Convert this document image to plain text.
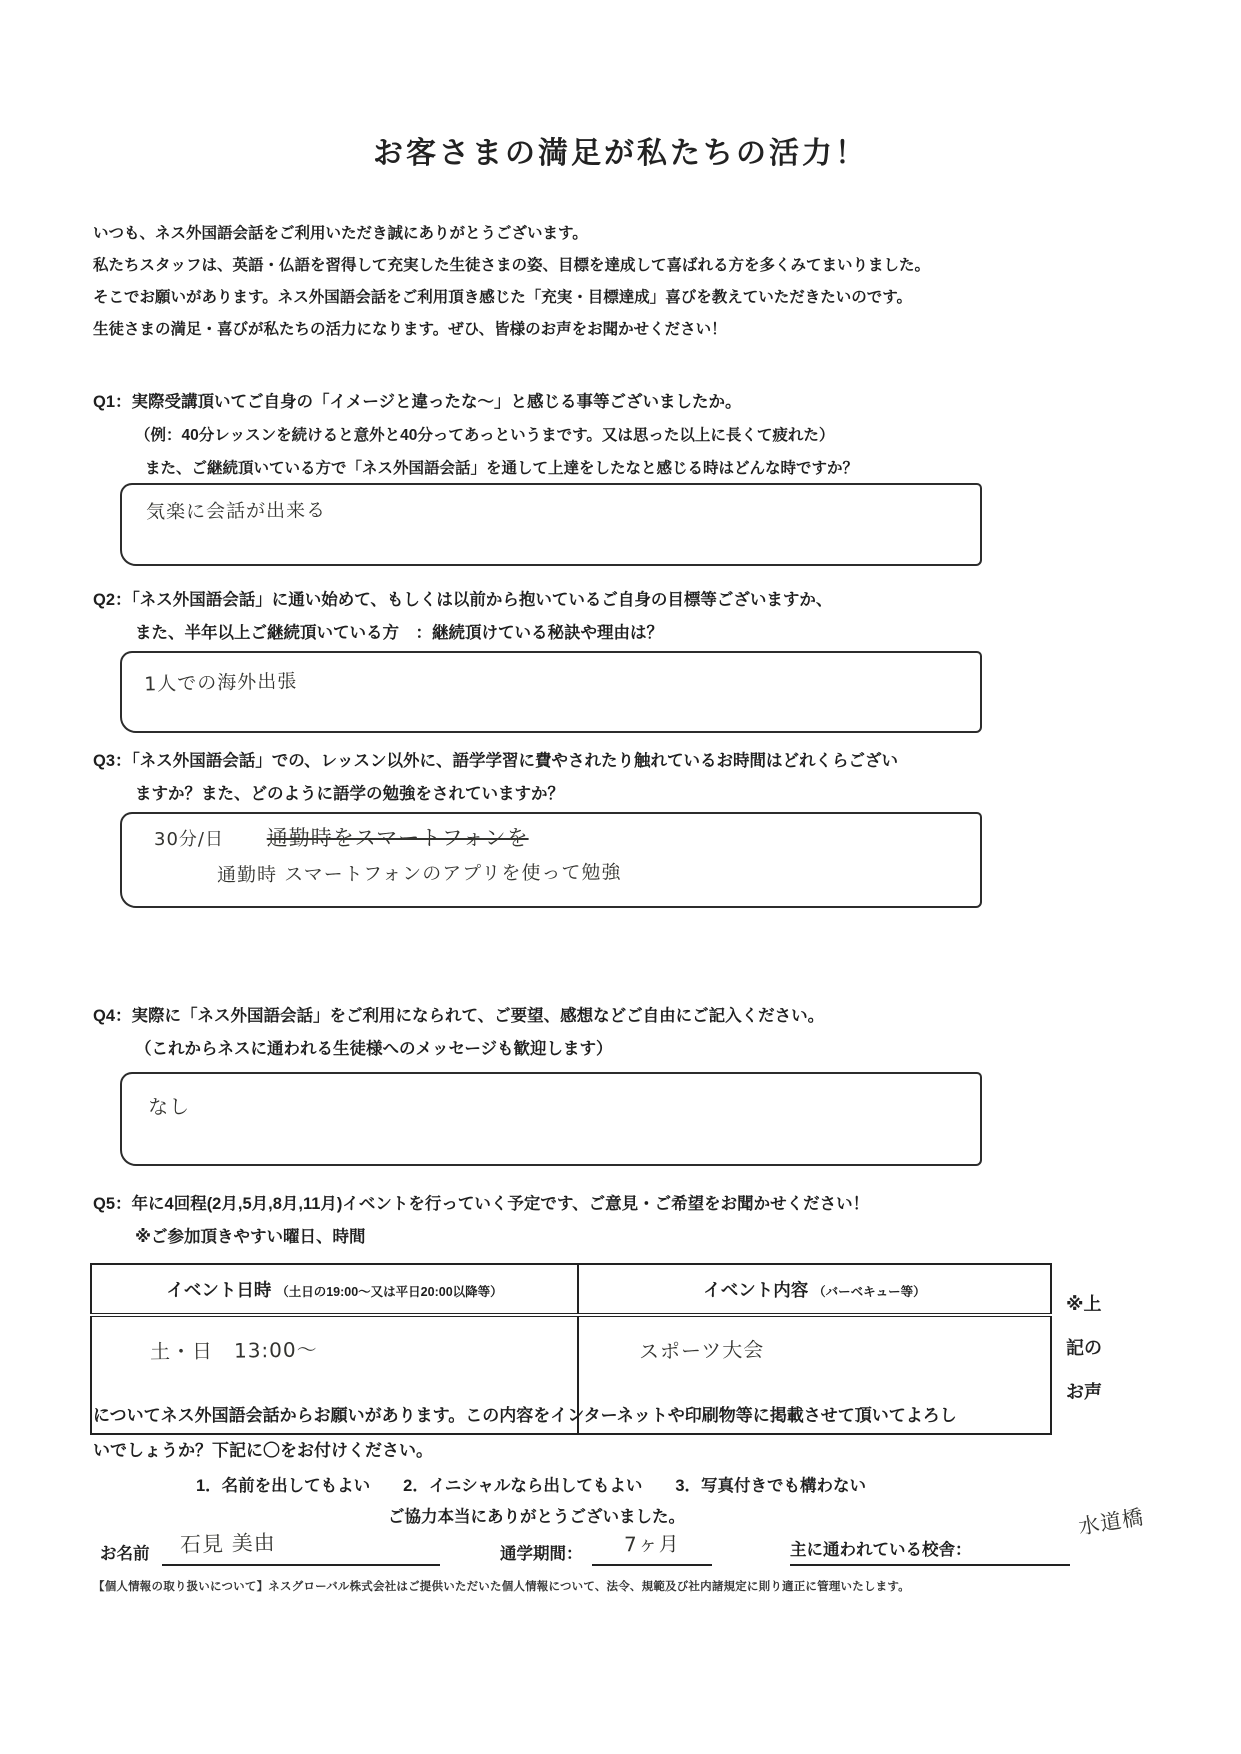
お客さまの満足が私たちの活力！
いつも、ネス外国語会話をご利用いただき誠にありがとうございます。
私たちスタッフは、英語・仏語を習得して充実した生徒さまの姿、目標を達成して喜ばれる方を多くみてまいりました。
そこでお願いがあります。ネス外国語会話をご利用頂き感じた「充実・目標達成」喜びを教えていただきたいのです。
生徒さまの満足・喜びが私たちの活力になります。ぜひ、皆様のお声をお聞かせください！
Q1：実際受講頂いてご自身の「イメージと違ったな～」と感じる事等ございましたか。
（例：40分レッスンを続けると意外と40分ってあっというまです。又は思った以上に長くて疲れた）
また、ご継続頂いている方で「ネス外国語会話」を通して上達をしたなと感じる時はどんな時ですか？
気楽に会話が出来る
Q2：「ネス外国語会話」に通い始めて、もしくは以前から抱いているご自身の目標等ございますか、
また、半年以上ご継続頂いている方　：継続頂けている秘訣や理由は？
1人での海外出張
Q3：「ネス外国語会話」での、レッスン以外に、語学学習に費やされたり触れているお時間はどれくらござい
ますか？また、どのように語学の勉強をされていますか？
30分/日 通勤時をスマートフォンを
通勤時 スマートフォンのアプリを使って勉強
Q4：実際に「ネス外国語会話」をご利用になられて、ご要望、感想などご自由にご記入ください。
（これからネスに通われる生徒様へのメッセージも歓迎します）
なし
Q5：年に4回程(2月,5月,8月,11月)イベントを行っていく予定です、ご意見・ご希望をお聞かせください！
※ご参加頂きやすい曜日、時間
イベント日時 （土日の19:00～又は平日20:00以降等）	イベント内容 （バーベキュー等）
土・日　13:00～	スポーツ大会
※上
記の
お声
についてネス外国語会話からお願いがあります。この内容をインターネットや印刷物等に掲載させて頂いてよろし
いでしょうか？下記に〇をお付けください。
1．名前を出してもよい　　2．イニシャルなら出してもよい　　3．写真付きでも構わない
ご協力本当にありがとうございました。
お名前	石見 美由	通学期間：	7ヶ月	主に通われている校舎：
水道橋
【個人情報の取り扱いについて】ネスグローバル株式会社はご提供いただいた個人情報について、法令、規範及び社内諸規定に則り適正に管理いたします。
